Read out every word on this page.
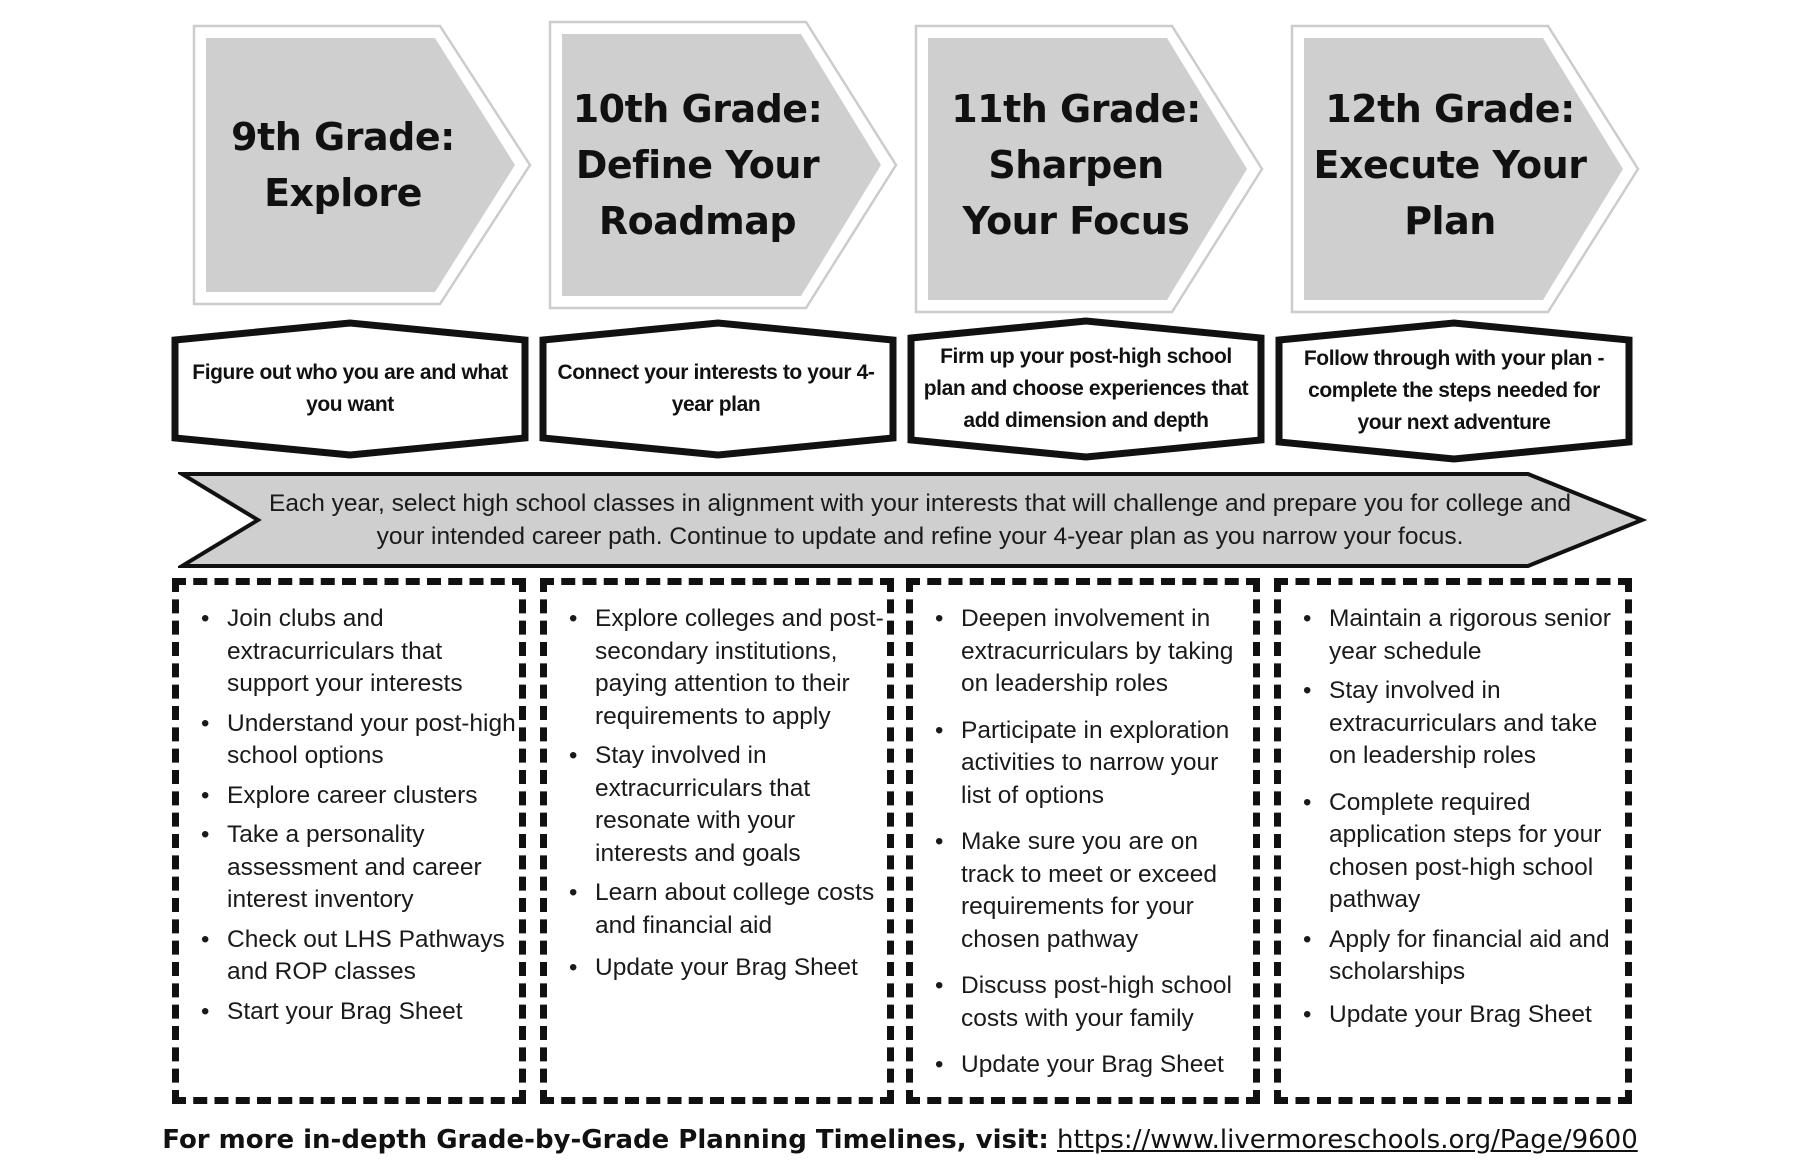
9th Grade: Explore
10th Grade: Define Your Roadmap
11th Grade: Sharpen Your Focus
12th Grade: Execute Your Plan
Figure out who you are and what you want
Connect your interests to your 4-year plan
Firm up your post-high school plan and choose experiences that add dimension and depth
Follow through with your plan - complete the steps needed for your next adventure
Each year, select high school classes in alignment with your interests that will challenge and prepare you for college and your intended career path. Continue to update and refine your 4-year plan as you narrow your focus.
• Join clubs and extracurriculars that support your interests
• Understand your post-high school options
• Explore career clusters
• Take a personality assessment and career interest inventory
• Check out LHS Pathways and ROP classes
• Start your Brag Sheet
• Explore colleges and post-secondary institutions, paying attention to their requirements to apply
• Stay involved in extracurriculars that resonate with your interests and goals
• Learn about college costs and financial aid
• Update your Brag Sheet
• Deepen involvement in extracurriculars by taking on leadership roles
• Participate in exploration activities to narrow your list of options
• Make sure you are on track to meet or exceed requirements for your chosen pathway
• Discuss post-high school costs with your family
• Update your Brag Sheet
• Maintain a rigorous senior year schedule
• Stay involved in extracurriculars and take on leadership roles
• Complete required application steps for your chosen post-high school pathway
• Apply for financial aid and scholarships
• Update your Brag Sheet
For more in-depth Grade-by-Grade Planning Timelines, visit: https://www.livermoreschools.org/Page/9600
